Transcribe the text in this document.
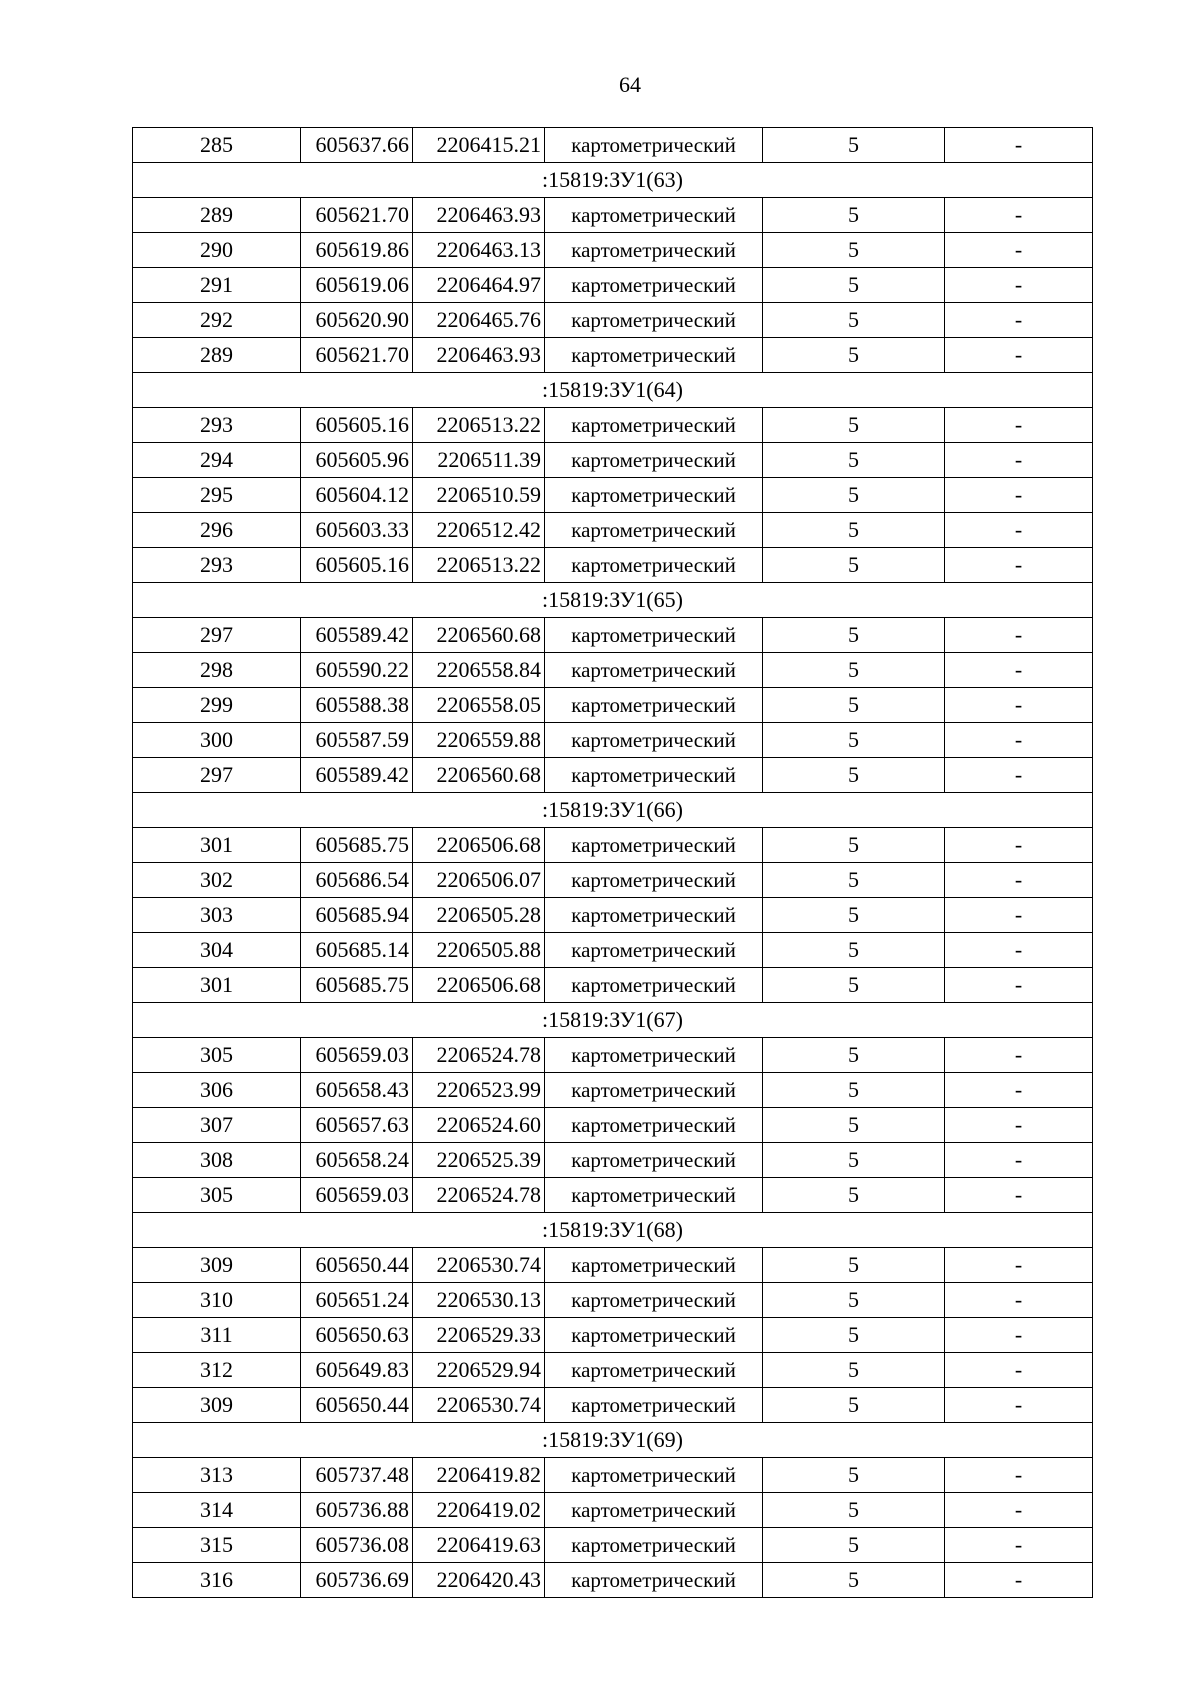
64
285	605637.66	2206415.21	картометрический	5	-
:15819:ЗУ1(63)					
289	605621.70	2206463.93	картометрический	5	-
290	605619.86	2206463.13	картометрический	5	-
291	605619.06	2206464.97	картометрический	5	-
292	605620.90	2206465.76	картометрический	5	-
289	605621.70	2206463.93	картометрический	5	-
:15819:ЗУ1(64)					
293	605605.16	2206513.22	картометрический	5	-
294	605605.96	2206511.39	картометрический	5	-
295	605604.12	2206510.59	картометрический	5	-
296	605603.33	2206512.42	картометрический	5	-
293	605605.16	2206513.22	картометрический	5	-
:15819:ЗУ1(65)					
297	605589.42	2206560.68	картометрический	5	-
298	605590.22	2206558.84	картометрический	5	-
299	605588.38	2206558.05	картометрический	5	-
300	605587.59	2206559.88	картометрический	5	-
297	605589.42	2206560.68	картометрический	5	-
:15819:ЗУ1(66)					
301	605685.75	2206506.68	картометрический	5	-
302	605686.54	2206506.07	картометрический	5	-
303	605685.94	2206505.28	картометрический	5	-
304	605685.14	2206505.88	картометрический	5	-
301	605685.75	2206506.68	картометрический	5	-
:15819:ЗУ1(67)					
305	605659.03	2206524.78	картометрический	5	-
306	605658.43	2206523.99	картометрический	5	-
307	605657.63	2206524.60	картометрический	5	-
308	605658.24	2206525.39	картометрический	5	-
305	605659.03	2206524.78	картометрический	5	-
:15819:ЗУ1(68)					
309	605650.44	2206530.74	картометрический	5	-
310	605651.24	2206530.13	картометрический	5	-
311	605650.63	2206529.33	картометрический	5	-
312	605649.83	2206529.94	картометрический	5	-
309	605650.44	2206530.74	картометрический	5	-
:15819:ЗУ1(69)					
313	605737.48	2206419.82	картометрический	5	-
314	605736.88	2206419.02	картометрический	5	-
315	605736.08	2206419.63	картометрический	5	-
316	605736.69	2206420.43	картометрический	5	-
